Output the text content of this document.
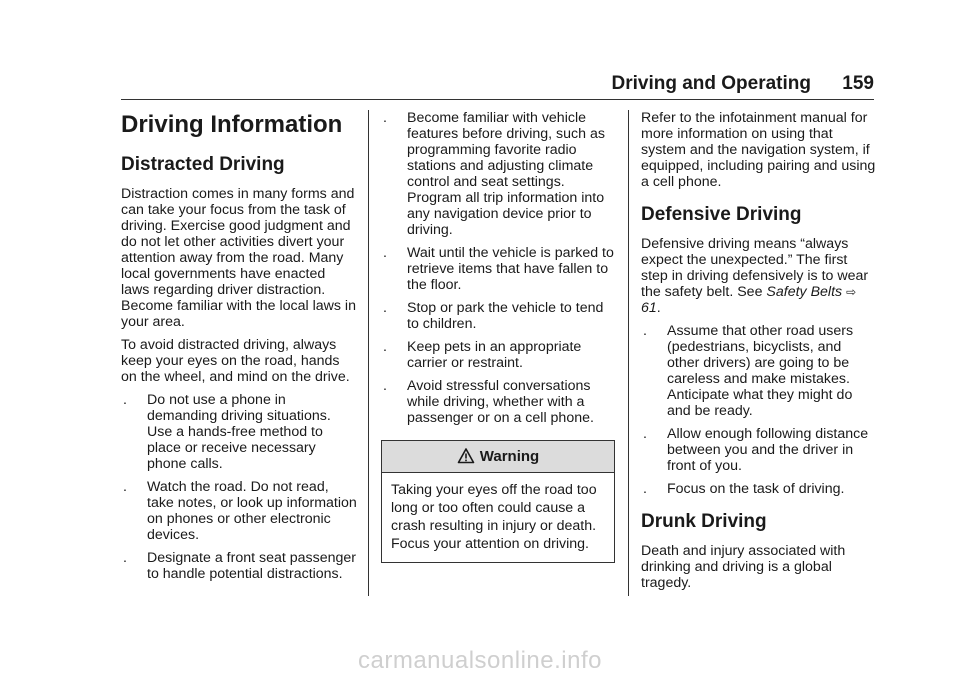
Driving and Operating 159
Driving Information
Distracted Driving

Distraction comes in many forms and can take your focus from the task of driving. Exercise good judgment and do not let other activities divert your attention away from the road. Many local governments have enacted laws regarding driver distraction. Become familiar with the local laws in your area.

To avoid distracted driving, always keep your eyes on the road, hands on the wheel, and mind on the drive.

. Do not use a phone in demanding driving situations. Use a hands-free method to place or receive necessary phone calls.
. Watch the road. Do not read, take notes, or look up information on phones or other electronic devices.
. Designate a front seat passenger to handle potential distractions.
. Become familiar with vehicle features before driving, such as programming favorite radio stations and adjusting climate control and seat settings. Program all trip information into any navigation device prior to driving.
. Wait until the vehicle is parked to retrieve items that have fallen to the floor.
. Stop or park the vehicle to tend to children.
. Keep pets in an appropriate carrier or restraint.
. Avoid stressful conversations while driving, whether with a passenger or on a cell phone.
Warning
Taking your eyes off the road too long or too often could cause a crash resulting in injury or death. Focus your attention on driving.

Refer to the infotainment manual for more information on using that system and the navigation system, if equipped, including pairing and using a cell phone.

Defensive Driving

Defensive driving means “always expect the unexpected.” The first step in driving defensively is to wear the safety belt. See Safety Belts ⇨ 61.

. Assume that other road users (pedestrians, bicyclists, and other drivers) are going to be careless and make mistakes. Anticipate what they might do and be ready.
. Allow enough following distance between you and the driver in front of you.
. Focus on the task of driving.
Drunk Driving

Death and injury associated with drinking and driving is a global tragedy.

carmanualsonline.info
